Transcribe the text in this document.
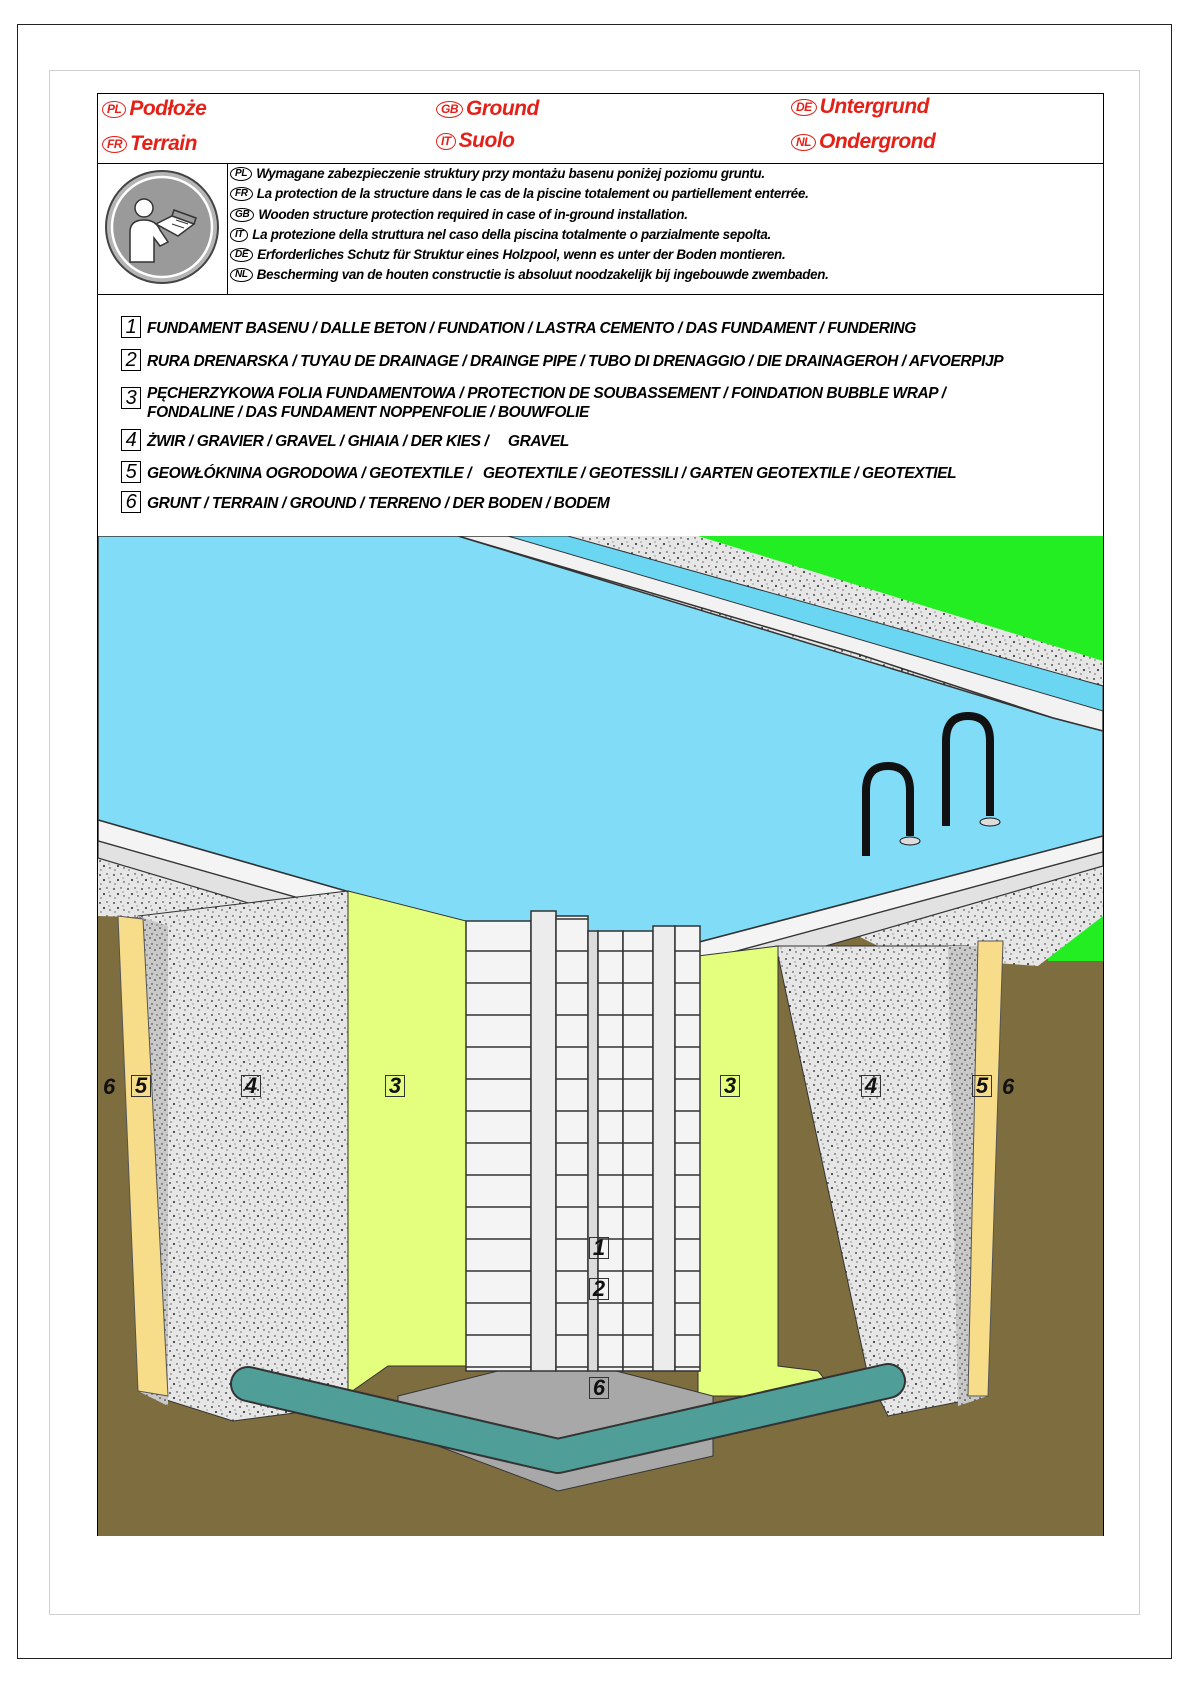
PL Podłoże	GB Ground	DE Untergrund
FR Terrain	IT Suolo	NL Ondergrond
PL Wymagane zabezpieczenie struktury przy montażu basenu poniżej poziomu gruntu.
FR La protection de la structure dans le cas de la piscine totalement ou partiellement enterrée.
GB Wooden structure protection required in case of in-ground installation.
IT La protezione della struttura nel caso della piscina totalmente o parzialmente sepolta.
DE Erforderliches Schutz für Struktur eines Holzpool, wenn es unter der Boden montieren.
NL Bescherming van de houten constructie is absoluut noodzakelijk bij ingebouwde zwembaden.
1 FUNDAMENT BASENU / DALLE BETON / FUNDATION / LASTRA CEMENTO / DAS FUNDAMENT / FUNDERING
2 RURA DRENARSKA / TUYAU DE DRAINAGE / DRAINGE PIPE / TUBO DI DRENAGGIO / DIE DRAINAGEROH / AFVOERPIJP
3 PĘCHERZYKOWA FOLIA FUNDAMENTOWA / PROTECTION DE SOUBASSEMENT / FOINDATION BUBBLE WRAP /
FONDALINE / DAS FUNDAMENT NOPPENFOLIE / BOUWFOLIE
4 ŻWIR / GRAVIER / GRAVEL / GHIAIA / DER KIES /     GRAVEL
5 GEOWŁÓKNINA OGRODOWA / GEOTEXTILE /   GEOTEXTILE / GEOTESSILI / GARTEN GEOTEXTILE / GEOTEXTIEL
6 GRUNT / TERRAIN / GROUND / TERRENO / DER BODEN / BODEM
6 5	4	3	3	4	5 6
1
2
6
